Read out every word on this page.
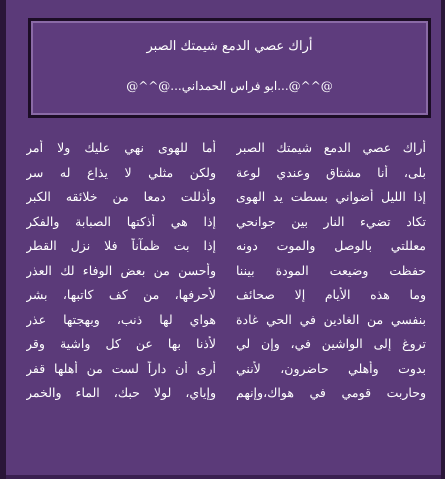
أراك عصي الدمع شيمتك الصبر
@^^@...ابو فراس الحمداني...@^^@
أراك عصي الدمع شيمتك الصبر
أما للهوى نهي عليك ولا أمر
بلى، أنا مشتاق وعندي لوعة
ولكن مثلي لا يذاع له سر
إذا الليل أضواني بسطت يد الهوى
وأذللت دمعا من خلائقه الكبر
تكاد تضيء النار بين جوانحي
إذا هي أذكتها الصبابة والفكر
معللتي بالوصل والموت دونه
إذا بت ظمآناً فلا نزل القطر
حفظت وضيعت المودة بيننا
وأحسن من بعض الوفاء لك العذر
وما هذه الأيام إلا صحائف
لأحرفها، من كف كاتبها، بشر
بنفسي من الغادين في الحي غادة
هواي لها ذنب، وبهجتها عذر
تروغ إلى الواشين في، وإن لي
لأذنا بها عن كل واشية وقر
بدوت وأهلي حاضرون، لأنني
أرى أن داراً لست من أهلها قفر
وحاربت قومي في هواك،وإنهم
وإياي، لولا حبك، الماء والخمر
